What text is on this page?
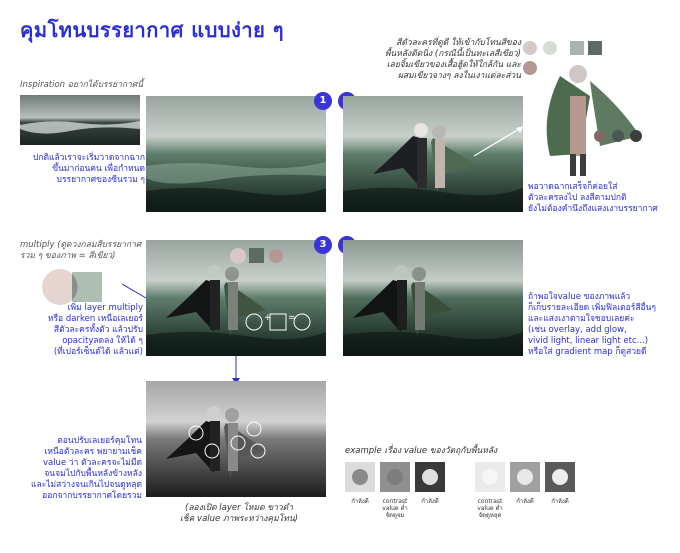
คุมโทนบรรยากาศ แบบง่าย ๆ
Inspiration อยากได้บรรยากาศนี้
ปกติแล้วเราจะเริ่มวาดจากฉาก
ขึ้นมาก่อนคน เพื่อกำหนด
บรรยากาศของซีนรวม ๆ
1
สีตัวละครที่ดูดี ให้เข้ากับโทนสีของ
พื้นหลังติดนิ่ง (กรณีนี้เป็นทะเลสีเขียว)
เลยจิ้มเขียวของเสื้อฮู้ดให้ใกล้กัน และ
ผสมเขียวจางๆ ลงในเงาแต่ละส่วน
พอวาดฉากเสร็จก็ค่อยใส่
ตัวละครลงไป ลงสีตามปกติ
ยังไม่ต้องคำนึงถึงแสงเงาบรรยากาศ
multiply (ดูดวงกลมสีบรรยากาศ
รวม ๆ ของภาพ = สีเขียว)
เพิ่ม layer multiply
หรือ darken เหนือเลเยอร์
สีตัวละครทั้งตัว แล้วปรับ
opacityลดลง ให้ได้ ๆ
(ที่เปอร์เซ็นต์ได้ แล้วแต่)
+ =
3
ถ้าพอใจvalue ของภาพแล้ว
ก็เก็บรายละเอียด เพิ่มฟิลเตอร์สีอื่นๆ
และแสงเงาตามใจชอบเลยค่ะ
(เช่น overlay, add glow,
vivid light, linear light etc...)
หรือใส่ gradient map ก็ดูสวยดี
ตอนปรับเลเยอร์คุมโทน
เหนือตัวละคร พยายามเช็ค
value ว่า ตัวละครจะไม่มืด
จนจมไปกับพื้นหลังข้างหลัง
และไม่สว่างจนเกินไปจนดูหลุด
ออกจากบรรยากาศโดยรวม
(ลองเปิด layer โหมด ขาวดำ
เช็ค value ภาพระหว่างคุมโทน)
example เรื่อง value ของวัตถุกับพื้นหลัง
กำลังดี	contrast value ต่ำ จัดดูจม
กำลังดี	contrast value ต่ำ จัดดูหลุด
กำลังดี	กำลังดี
